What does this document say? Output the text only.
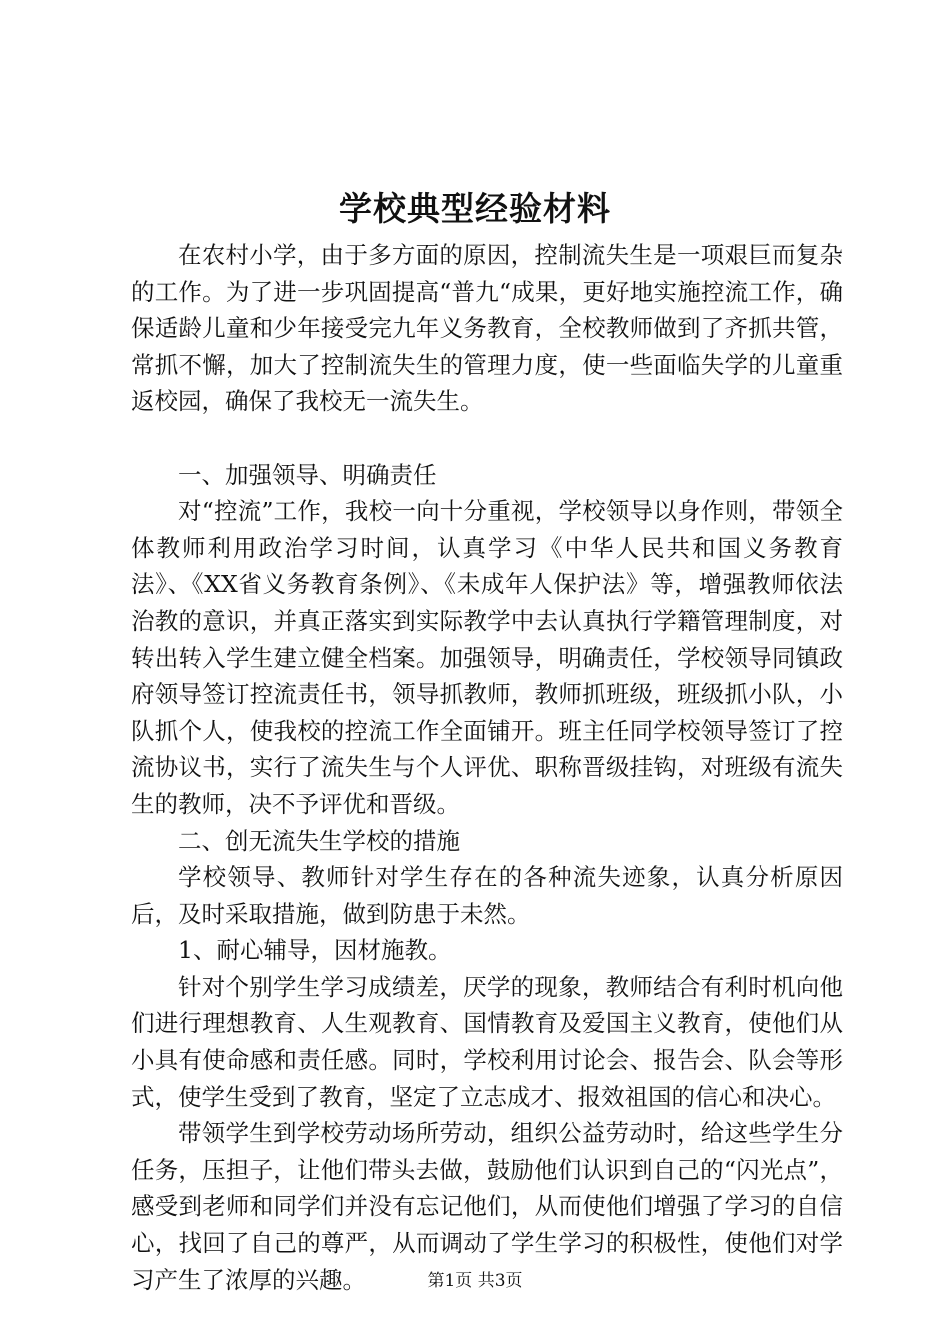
学校典型经验材料

在农村小学，由于多方面的原因，控制流失生是一项艰巨而复杂的工作。为了进一步巩固提高“普九“成果，更好地实施控流工作，确保适龄儿童和少年接受完九年义务教育，全校教师做到了齐抓共管，常抓不懈，加大了控制流失生的管理力度，使一些面临失学的儿童重返校园，确保了我校无一流失生。

一、加强领导、明确责任

对“控流”工作，我校一向十分重视，学校领导以身作则，带领全体教师利用政治学习时间，认真学习《中华人民共和国义务教育法》、《XX省义务教育条例》、《未成年人保护法》等，增强教师依法治教的意识，并真正落实到实际教学中去认真执行学籍管理制度，对转出转入学生建立健全档案。加强领导，明确责任，学校领导同镇政府领导签订控流责任书，领导抓教师，教师抓班级，班级抓小队，小队抓个人，使我校的控流工作全面铺开。班主任同学校领导签订了控流协议书，实行了流失生与个人评优、职称晋级挂钩，对班级有流失生的教师，决不予评优和晋级。

二、创无流失生学校的措施

学校领导、教师针对学生存在的各种流失迹象，认真分析原因后，及时采取措施，做到防患于未然。

1、耐心辅导，因材施教。

针对个别学生学习成绩差，厌学的现象，教师结合有利时机向他们进行理想教育、人生观教育、国情教育及爱国主义教育，使他们从小具有使命感和责任感。同时，学校利用讨论会、报告会、队会等形式，使学生受到了教育，坚定了立志成才、报效祖国的信心和决心。

带领学生到学校劳动场所劳动，组织公益劳动时，给这些学生分任务，压担子，让他们带头去做，鼓励他们认识到自己的“闪光点”，感受到老师和同学们并没有忘记他们，从而使他们增强了学习的自信心，找回了自己的尊严，从而调动了学生学习的积极性，使他们对学习产生了浓厚的兴趣。	第1页 共3页
